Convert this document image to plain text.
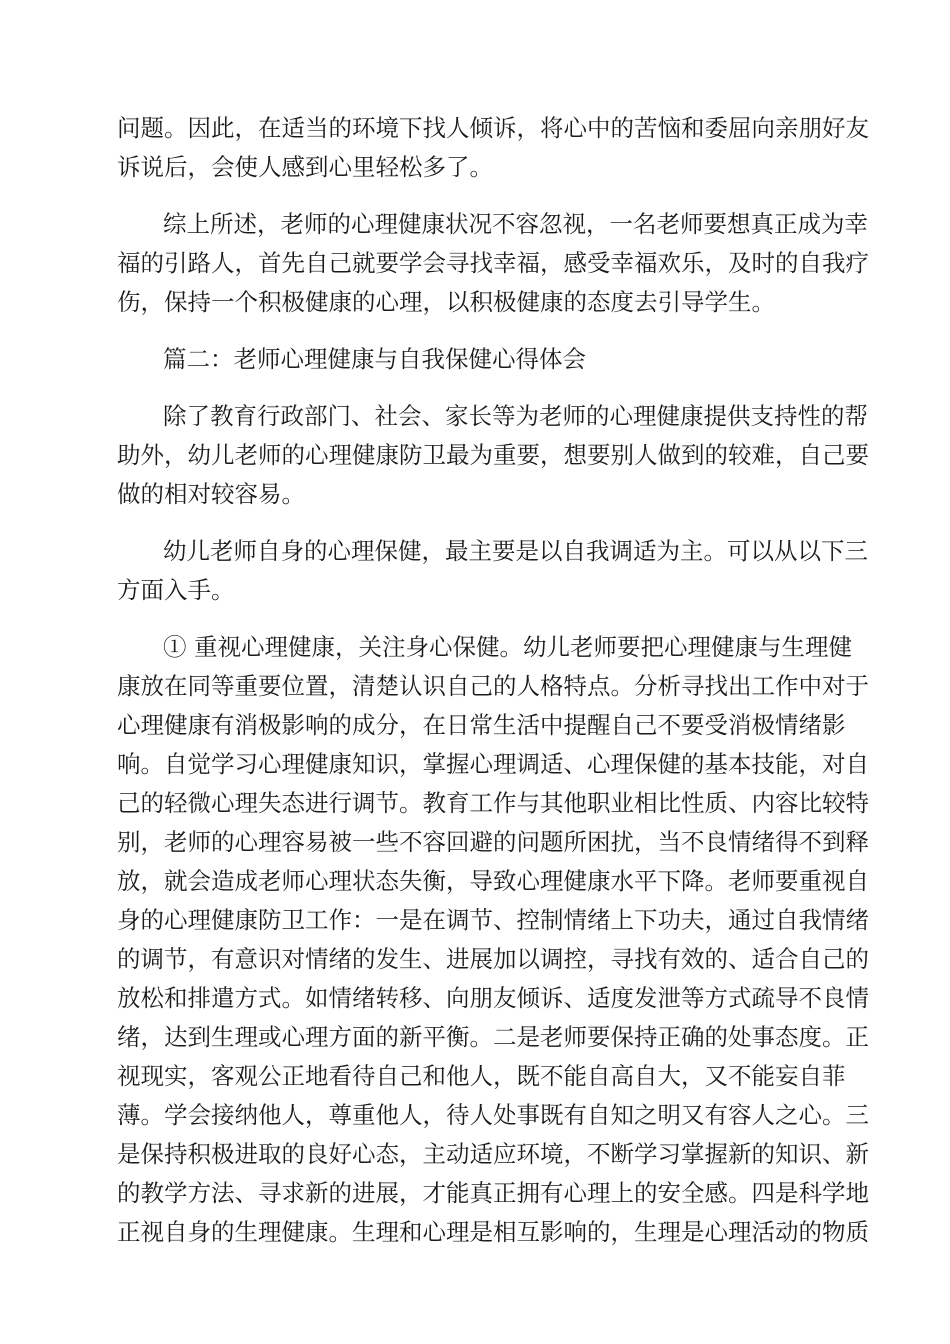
问题。因此，在适当的环境下找人倾诉，将心中的苦恼和委屈向亲朋好友
诉说后，会使人感到心里轻松多了。

综上所述，老师的心理健康状况不容忽视，一名老师要想真正成为幸
福的引路人，首先自己就要学会寻找幸福，感受幸福欢乐，及时的自我疗
伤，保持一个积极健康的心理，以积极健康的态度去引导学生。

篇二：老师心理健康与自我保健心得体会

除了教育行政部门、社会、家长等为老师的心理健康提供支持性的帮
助外，幼儿老师的心理健康防卫最为重要，想要别人做到的较难，自己要
做的相对较容易。

幼儿老师自身的心理保健，最主要是以自我调适为主。可以从以下三
方面入手。

① 重视心理健康，关注身心保健。幼儿老师要把心理健康与生理健
康放在同等重要位置，清楚认识自己的人格特点。分析寻找出工作中对于
心理健康有消极影响的成分，在日常生活中提醒自己不要受消极情绪影
响。自觉学习心理健康知识，掌握心理调适、心理保健的基本技能，对自
己的轻微心理失态进行调节。教育工作与其他职业相比性质、内容比较特
别，老师的心理容易被一些不容回避的问题所困扰，当不良情绪得不到释
放，就会造成老师心理状态失衡，导致心理健康水平下降。老师要重视自
身的心理健康防卫工作：一是在调节、控制情绪上下功夫，通过自我情绪
的调节，有意识对情绪的发生、进展加以调控，寻找有效的、适合自己的
放松和排遣方式。如情绪转移、向朋友倾诉、适度发泄等方式疏导不良情
绪，达到生理或心理方面的新平衡。二是老师要保持正确的处事态度。正
视现实，客观公正地看待自己和他人，既不能自高自大，又不能妄自菲
薄。学会接纳他人，尊重他人，待人处事既有自知之明又有容人之心。三
是保持积极进取的良好心态，主动适应环境，不断学习掌握新的知识、新
的教学方法、寻求新的进展，才能真正拥有心理上的安全感。四是科学地
正视自身的生理健康。生理和心理是相互影响的，生理是心理活动的物质
